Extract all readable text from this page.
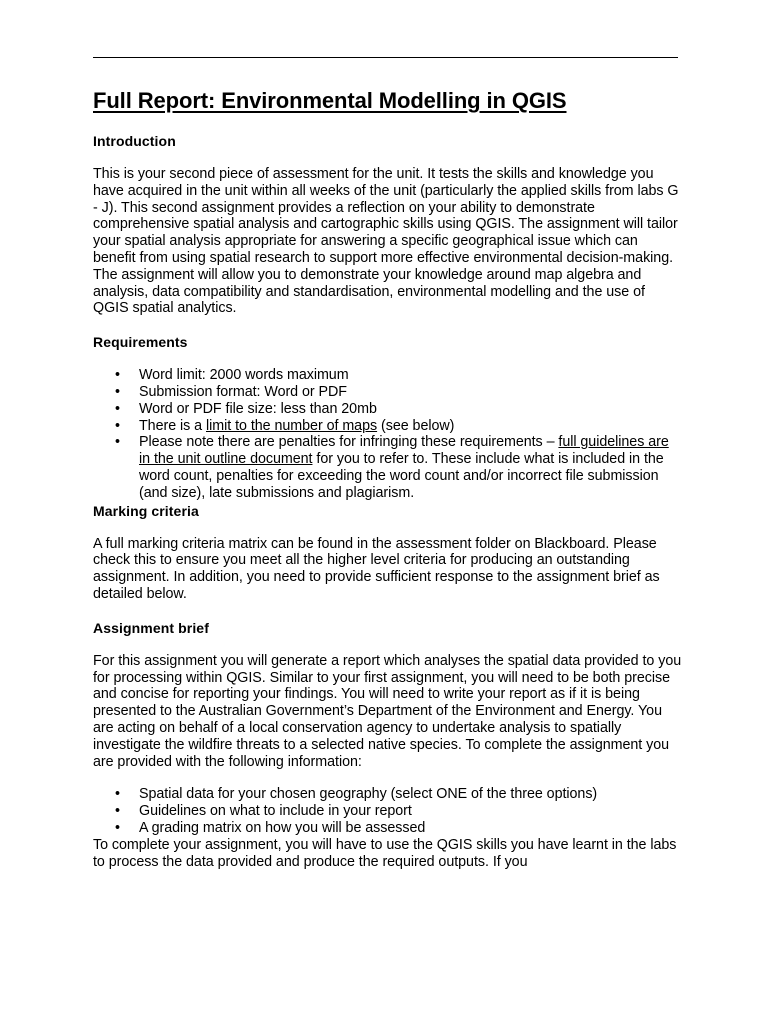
Full Report: Environmental Modelling in QGIS
Introduction

This is your second piece of assessment for the unit. It tests the skills and knowledge you have acquired in the unit within all weeks of the unit (particularly the applied skills from labs G - J). This second assignment provides a reflection on your ability to demonstrate comprehensive spatial analysis and cartographic skills using QGIS. The assignment will tailor your spatial analysis appropriate for answering a specific geographical issue which can benefit from using spatial research to support more effective environmental decision-making. The assignment will allow you to demonstrate your knowledge around map algebra and analysis, data compatibility and standardisation, environmental modelling and the use of QGIS spatial analytics.

Requirements
• Word limit: 2000 words maximum
• Submission format: Word or PDF
• Word or PDF file size: less than 20mb
• There is a limit to the number of maps (see below)
• Please note there are penalties for infringing these requirements – full guidelines are in the unit outline document for you to refer to. These include what is included in the word count, penalties for exceeding the word count and/or incorrect file submission (and size), late submissions and plagiarism.
Marking criteria

A full marking criteria matrix can be found in the assessment folder on Blackboard. Please check this to ensure you meet all the higher level criteria for producing an outstanding assignment. In addition, you need to provide sufficient response to the assignment brief as detailed below.

Assignment brief

For this assignment you will generate a report which analyses the spatial data provided to you for processing within QGIS. Similar to your first assignment, you will need to be both precise and concise for reporting your findings. You will need to write your report as if it is being presented to the Australian Government’s Department of the Environment and Energy. You are acting on behalf of a local conservation agency to undertake analysis to spatially investigate the wildfire threats to a selected native species. To complete the assignment you are provided with the following information:

• Spatial data for your chosen geography (select ONE of the three options)
• Guidelines on what to include in your report
• A grading matrix on how you will be assessed

To complete your assignment, you will have to use the QGIS skills you have learnt in the labs to process the data provided and produce the required outputs. If you
